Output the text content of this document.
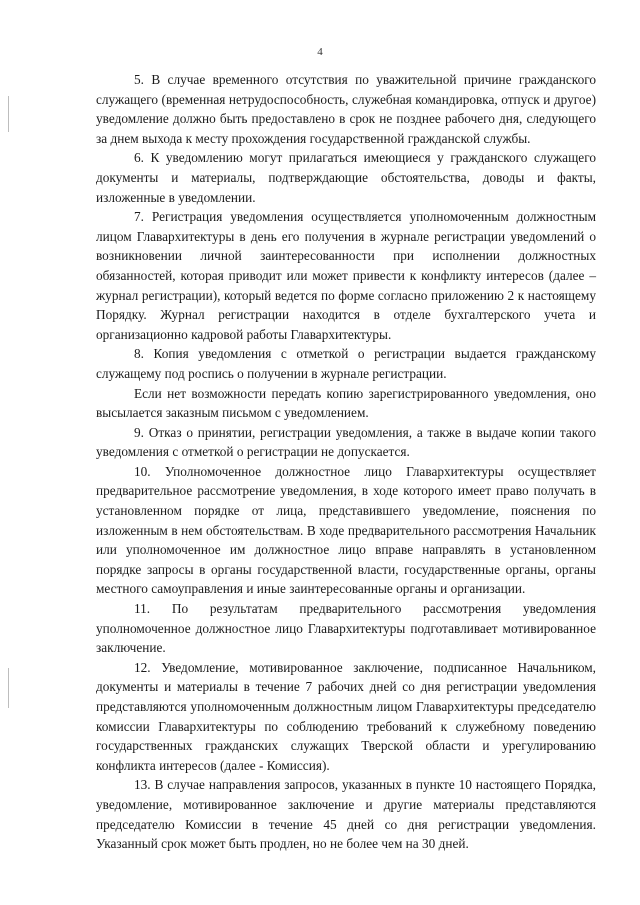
4

5. В случае временного отсутствия по уважительной причине гражданского служащего (временная нетрудоспособность, служебная командировка, отпуск и другое) уведомление должно быть предоставлено в срок не позднее рабочего дня, следующего за днем выхода к месту прохождения государственной гражданской службы.

6. К уведомлению могут прилагаться имеющиеся у гражданского служащего документы и материалы, подтверждающие обстоятельства, доводы и факты, изложенные в уведомлении.

7. Регистрация уведомления осуществляется уполномоченным должностным лицом Главархитектуры в день его получения в журнале регистрации уведомлений о возникновении личной заинтересованности при исполнении должностных обязанностей, которая приводит или может привести к конфликту интересов (далее – журнал регистрации), который ведется по форме согласно приложению 2 к настоящему Порядку. Журнал регистрации находится в отделе бухгалтерского учета и организационно кадровой работы Главархитектуры.

8. Копия уведомления с отметкой о регистрации выдается гражданскому служащему под роспись о получении в журнале регистрации.

Если нет возможности передать копию зарегистрированного уведомления, оно высылается заказным письмом с уведомлением.

9. Отказ о принятии, регистрации уведомления, а также в выдаче копии такого уведомления с отметкой о регистрации не допускается.

10. Уполномоченное должностное лицо Главархитектуры осуществляет предварительное рассмотрение уведомления, в ходе которого имеет право получать в установленном порядке от лица, представившего уведомление, пояснения по изложенным в нем обстоятельствам. В ходе предварительного рассмотрения Начальник или уполномоченное им должностное лицо вправе направлять в установленном порядке запросы в органы государственной власти, государственные органы, органы местного самоуправления и иные заинтересованные органы и организации.

11. По результатам предварительного рассмотрения уведомления уполномоченное должностное лицо Главархитектуры подготавливает мотивированное заключение.

12. Уведомление, мотивированное заключение, подписанное Начальником, документы и материалы в течение 7 рабочих дней со дня регистрации уведомления представляются уполномоченным должностным лицом Главархитектуры председателю комиссии Главархитектуры по соблюдению требований к служебному поведению государственных гражданских служащих Тверской области и урегулированию конфликта интересов (далее - Комиссия).

13. В случае направления запросов, указанных в пункте 10 настоящего Порядка, уведомление, мотивированное заключение и другие материалы представляются председателю Комиссии в течение 45 дней со дня регистрации уведомления. Указанный срок может быть продлен, но не более чем на 30 дней.
